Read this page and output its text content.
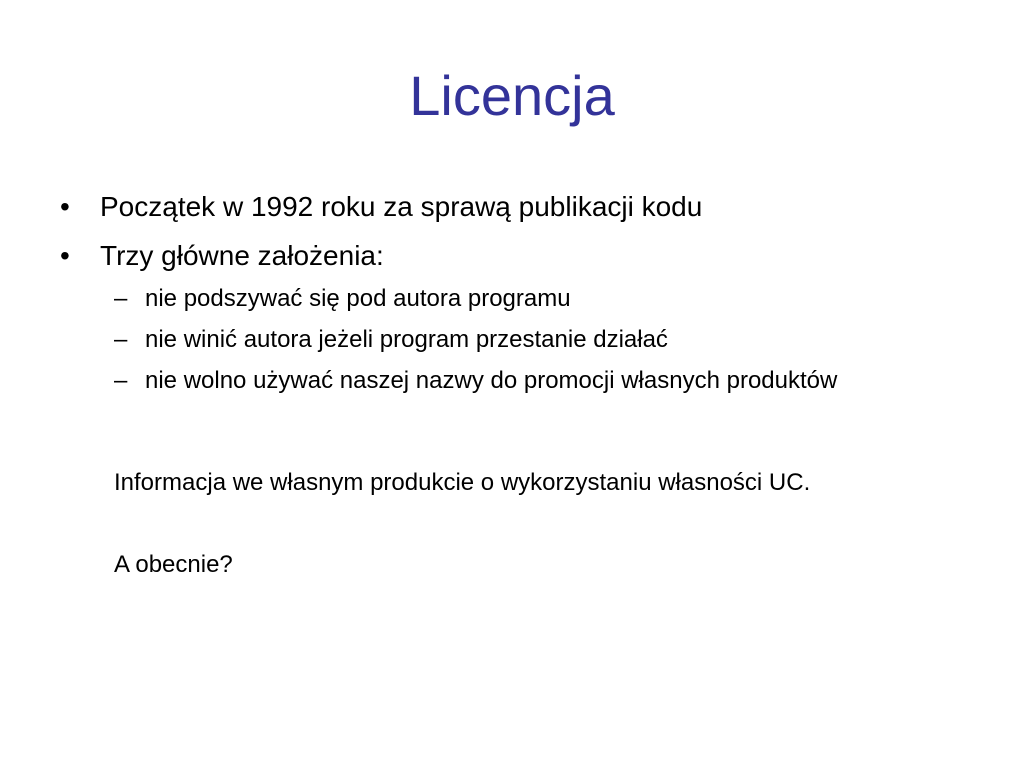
Licencja
• Początek w 1992 roku za sprawą publikacji kodu
• Trzy główne założenia:
– nie podszywać się pod autora programu
– nie winić autora jeżeli program przestanie działać
– nie wolno używać naszej nazwy do promocji własnych produktów

Informacja we własnym produkcie o wykorzystaniu własności UC.

A obecnie?
